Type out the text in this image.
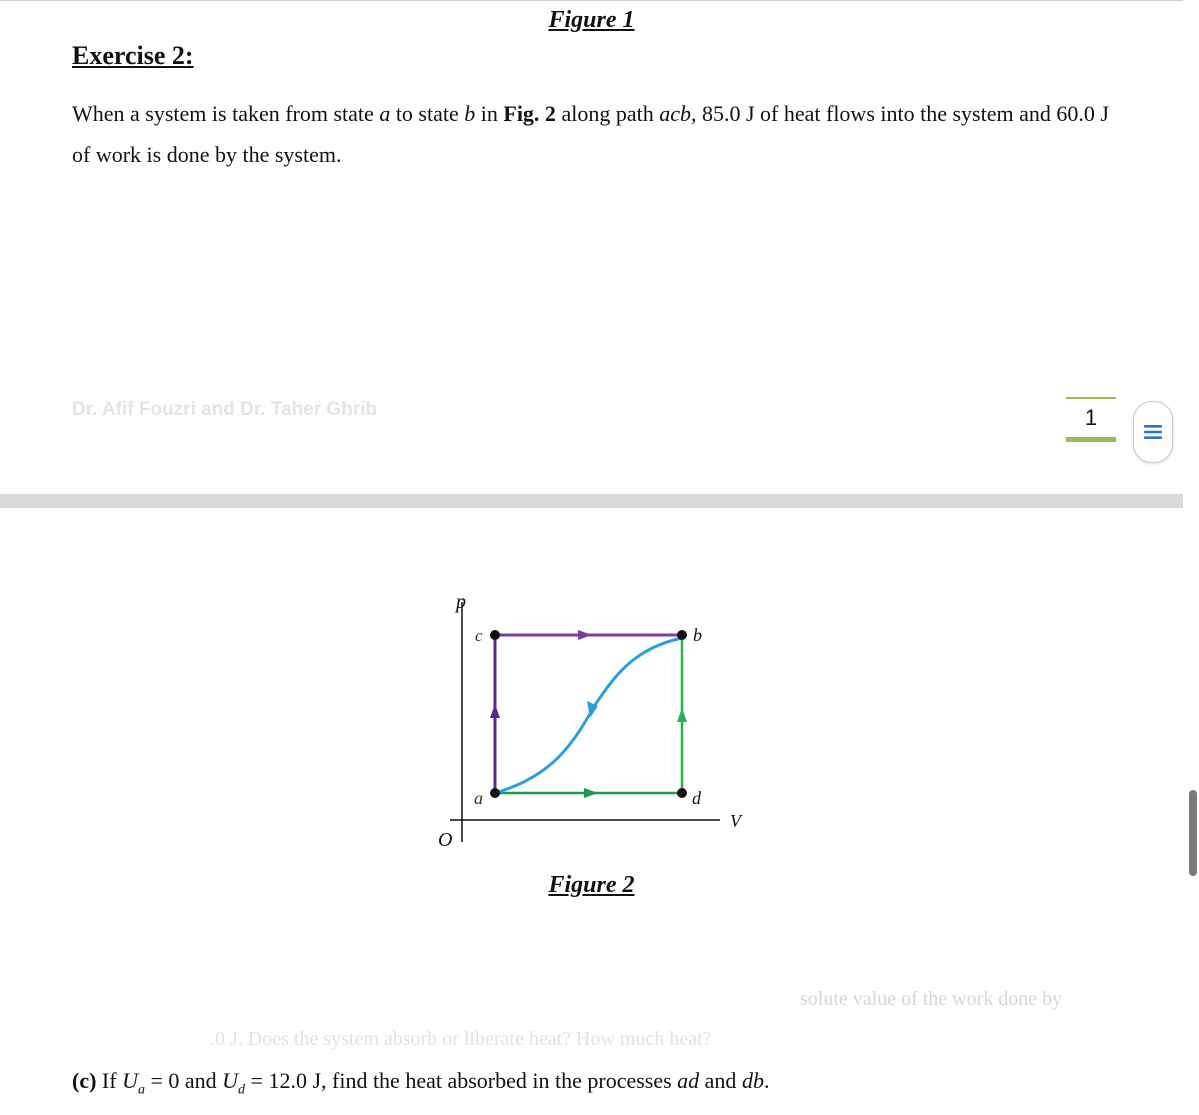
Figure 1
Exercise 2:
When a system is taken from state a to state b in Fig. 2 along path acb, 85.0 J of heat flows into the system and 60.0 J of work is done by the system.
Dr. Afif Fouzri and Dr. Taher Ghrib	1
p
V
O
a
b
c
d
Figure 2
solute value of the work done by
.0 J. Does the system absorb or liberate heat? How much heat?
(c) If $U_a = 0$ and $U_d = 12.0$ J, find the heat absorbed in the processes ad and db.
